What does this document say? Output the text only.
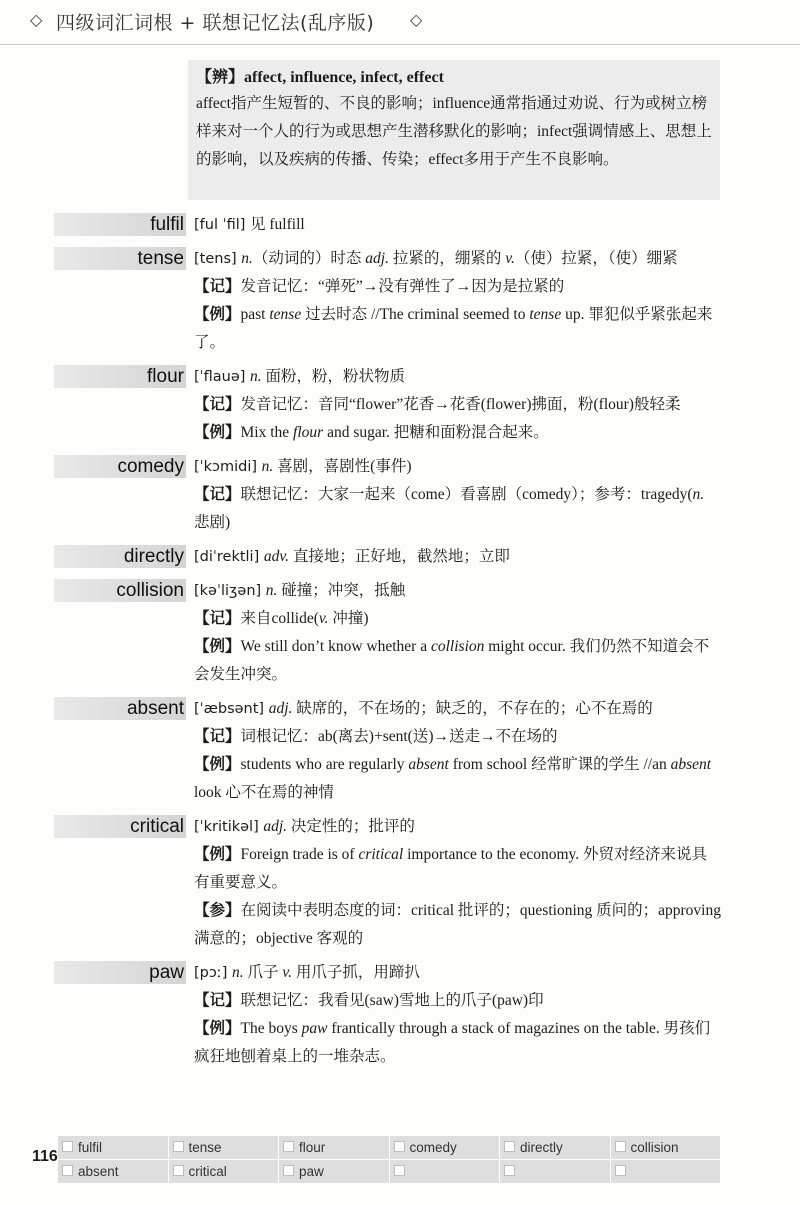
◇ 四级词汇词根 + 联想记忆法(乱序版) ◇
【辨】affect, influence, infect, effect
affect指产生短暂的、不良的影响；influence通常指通过劝说、行为或树立榜样来对一个人的行为或思想产生潜移默化的影响；infect强调情感上、思想上的影响，以及疾病的传播、传染；effect多用于产生不良影响。
fulfil [ful ˈfil] 见 fulfill
tense [tens] n.（动词的）时态 adj. 拉紧的，绷紧的 v.（使）拉紧，（使）绷紧
【记】发音记忆：“弹死”→没有弹性了→因为是拉紧的
【例】past tense 过去时态 //The criminal seemed to tense up. 罪犯似乎紧张起来了。
flour [ˈflauə] n. 面粉，粉，粉状物质
【记】发音记忆：音同“flower”花香→花香(flower)拂面，粉(flour)般轻柔
【例】Mix the flour and sugar. 把糖和面粉混合起来。
comedy [ˈkɔmidi] n. 喜剧，喜剧性(事件)
【记】联想记忆：大家一起来（come）看喜剧（comedy）；参考：tragedy(n. 悲剧)
directly [diˈrektli] adv. 直接地；正好地，截然地；立即
collision [kəˈliʒən] n. 碰撞；冲突，抵触
【记】来自collide(v. 冲撞)
【例】We still don’t know whether a collision might occur. 我们仍然不知道会不会发生冲突。
absent [ˈæbsənt] adj. 缺席的，不在场的；缺乏的，不存在的；心不在焉的
【记】词根记忆：ab(离去)+sent(送)→送走→不在场的
【例】students who are regularly absent from school 经常旷课的学生 //an absent look 心不在焉的神情
critical [ˈkritikəl] adj. 决定性的；批评的
【例】Foreign trade is of critical importance to the economy. 外贸对经济来说具有重要意义。
【参】在阅读中表明态度的词：critical 批评的；questioning 质问的；approving 满意的；objective 客观的
paw [pɔː] n. 爪子 v. 用爪子抓，用蹄扒
【记】联想记忆：我看见(saw)雪地上的爪子(paw)印
【例】The boys paw frantically through a stack of magazines on the table. 男孩们疯狂地刨着桌上的一堆杂志。
116
fulfil	tense	flour	comedy	directly	collision
absent	critical	paw
